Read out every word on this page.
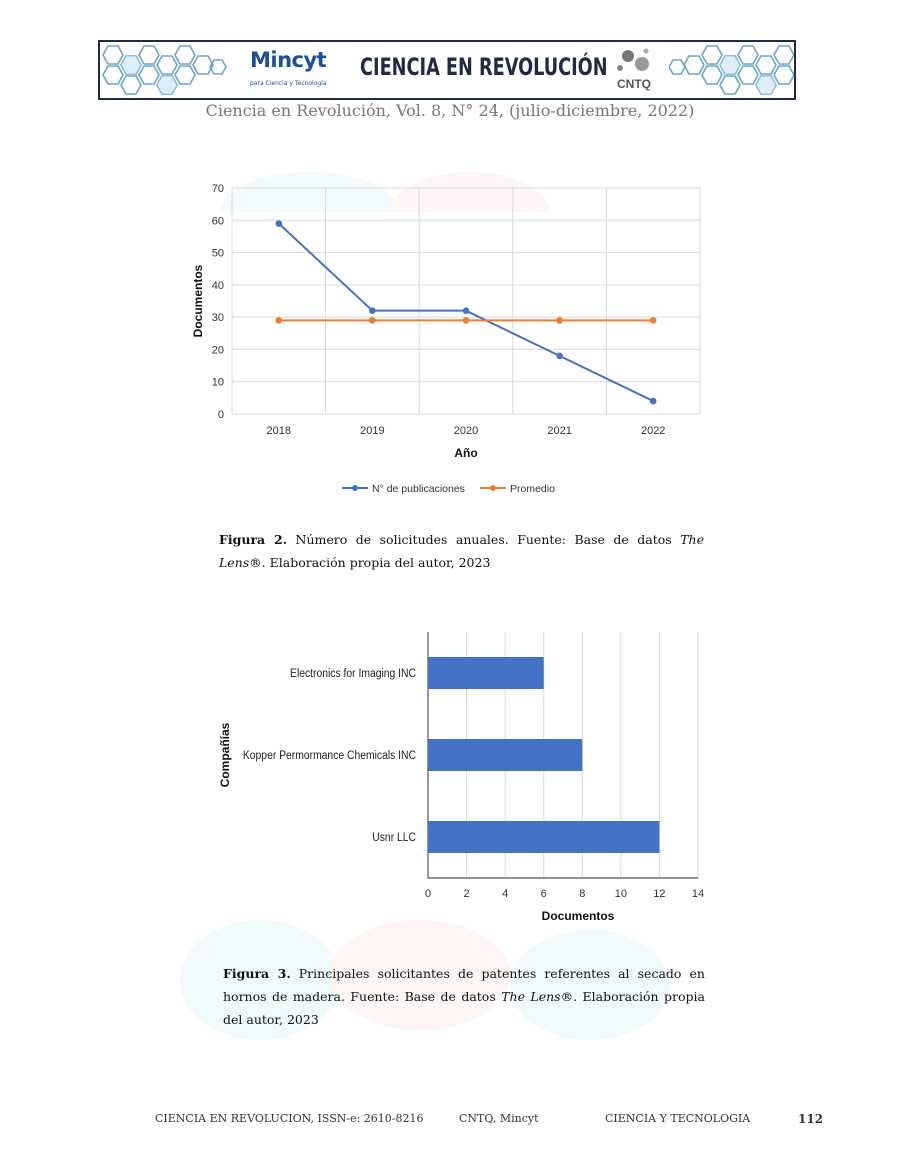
Mincyt
para Ciencia y Tecnología
CIENCIA EN REVOLUCIÓN
CNTQ
Ciencia en Revolución, Vol. 8, N° 24, (julio-diciembre, 2022)
0
10
20
30
40
50
60
70
2018	2019	2020	2021	2022
Año
Documentos
N° de publicaciones	Promedio
Figura 2. Número de solicitudes anuales. Fuente: Base de datos The Lens®. Elaboración propia del autor, 2023
0	2	4	6	8	10 12 14
Electronics for Imaging INC
Kopper Permormance Chemicals INC
Usnr LLC
Documentos
Compañías
Figura 3. Principales solicitantes de patentes referentes al secado en hornos de madera. Fuente: Base de datos The Lens®. Elaboración propia del autor, 2023
CIENCIA EN REVOLUCION, ISSN-e: 2610-8216	CNTQ, Mincyt	CIENCIA Y TECNOLOGIA	112
